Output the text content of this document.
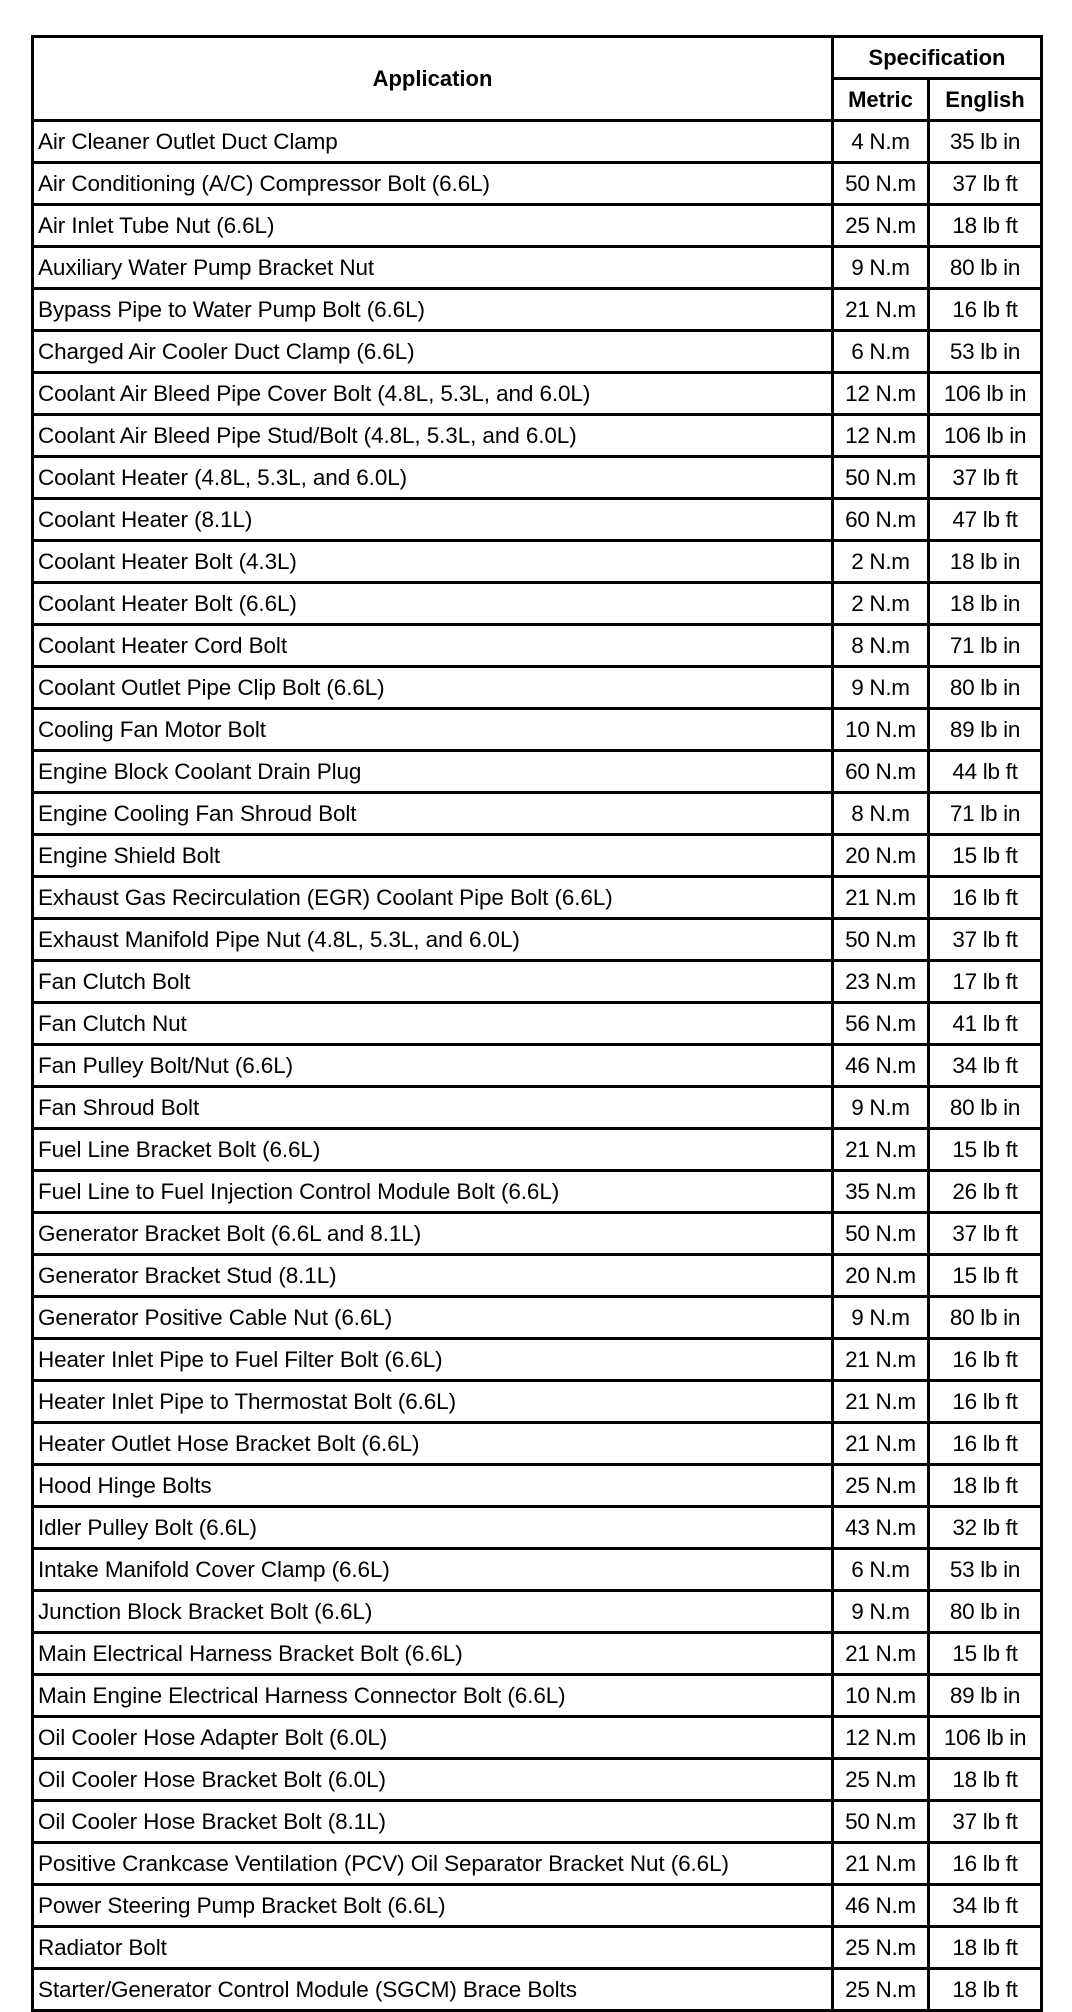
Application	Specification	
	Metric	English
Air Cleaner Outlet Duct Clamp	4 N.m	35 lb in
Air Conditioning (A/C) Compressor Bolt (6.6L)	50 N.m	37 lb ft
Air Inlet Tube Nut (6.6L)	25 N.m	18 lb ft
Auxiliary Water Pump Bracket Nut	9 N.m	80 lb in
Bypass Pipe to Water Pump Bolt (6.6L)	21 N.m	16 lb ft
Charged Air Cooler Duct Clamp (6.6L)	6 N.m	53 lb in
Coolant Air Bleed Pipe Cover Bolt (4.8L, 5.3L, and 6.0L)	12 N.m	106 lb in
Coolant Air Bleed Pipe Stud/Bolt (4.8L, 5.3L, and 6.0L)	12 N.m	106 lb in
Coolant Heater (4.8L, 5.3L, and 6.0L)	50 N.m	37 lb ft
Coolant Heater (8.1L)	60 N.m	47 lb ft
Coolant Heater Bolt (4.3L)	2 N.m	18 lb in
Coolant Heater Bolt (6.6L)	2 N.m	18 lb in
Coolant Heater Cord Bolt	8 N.m	71 lb in
Coolant Outlet Pipe Clip Bolt (6.6L)	9 N.m	80 lb in
Cooling Fan Motor Bolt	10 N.m	89 lb in
Engine Block Coolant Drain Plug	60 N.m	44 lb ft
Engine Cooling Fan Shroud Bolt	8 N.m	71 lb in
Engine Shield Bolt	20 N.m	15 lb ft
Exhaust Gas Recirculation (EGR) Coolant Pipe Bolt (6.6L)	21 N.m	16 lb ft
Exhaust Manifold Pipe Nut (4.8L, 5.3L, and 6.0L)	50 N.m	37 lb ft
Fan Clutch Bolt	23 N.m	17 lb ft
Fan Clutch Nut	56 N.m	41 lb ft
Fan Pulley Bolt/Nut (6.6L)	46 N.m	34 lb ft
Fan Shroud Bolt	9 N.m	80 lb in
Fuel Line Bracket Bolt (6.6L)	21 N.m	15 lb ft
Fuel Line to Fuel Injection Control Module Bolt (6.6L)	35 N.m	26 lb ft
Generator Bracket Bolt (6.6L and 8.1L)	50 N.m	37 lb ft
Generator Bracket Stud (8.1L)	20 N.m	15 lb ft
Generator Positive Cable Nut (6.6L)	9 N.m	80 lb in
Heater Inlet Pipe to Fuel Filter Bolt (6.6L)	21 N.m	16 lb ft
Heater Inlet Pipe to Thermostat Bolt (6.6L)	21 N.m	16 lb ft
Heater Outlet Hose Bracket Bolt (6.6L)	21 N.m	16 lb ft
Hood Hinge Bolts	25 N.m	18 lb ft
Idler Pulley Bolt (6.6L)	43 N.m	32 lb ft
Intake Manifold Cover Clamp (6.6L)	6 N.m	53 lb in
Junction Block Bracket Bolt (6.6L)	9 N.m	80 lb in
Main Electrical Harness Bracket Bolt (6.6L)	21 N.m	15 lb ft
Main Engine Electrical Harness Connector Bolt (6.6L)	10 N.m	89 lb in
Oil Cooler Hose Adapter Bolt (6.0L)	12 N.m	106 lb in
Oil Cooler Hose Bracket Bolt (6.0L)	25 N.m	18 lb ft
Oil Cooler Hose Bracket Bolt (8.1L)	50 N.m	37 lb ft
Positive Crankcase Ventilation (PCV) Oil Separator Bracket Nut (6.6L)	21 N.m	16 lb ft
Power Steering Pump Bracket Bolt (6.6L)	46 N.m	34 lb ft
Radiator Bolt	25 N.m	18 lb ft
Starter/Generator Control Module (SGCM) Brace Bolts	25 N.m	18 lb ft
